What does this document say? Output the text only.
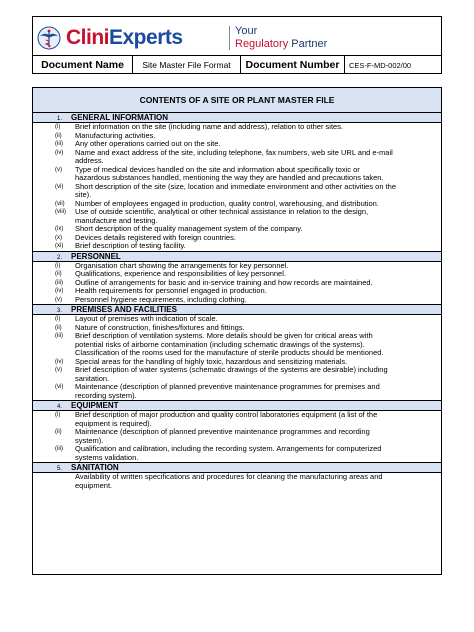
CliniExperts	Your
Regulatory Partner
Document Name	Site Master File Format	Document Number	CES-F-MD-002/00
CONTENTS OF A SITE OR PLANT MASTER FILE
1. GENERAL INFORMATION
(i) Brief information on the site (including name and address), relation to other sites.
(ii) Manufacturing activities.
(iii) Any other operations carried out on the site.
(iv) Name and exact address of the site, including telephone, fax numbers, web site URL and e-mail
address.
(v) Type of medical devices handled on the site and information about specifically toxic or
hazardous substances handled, mentioning the way they are handled and precautions taken.
(vi) Short description of the site (size, location and immediate environment and other activities on the
site).
(vii) Number of employees engaged in production, quality control, warehousing, and distribution.
(viii) Use of outside scientific, analytical or other technical assistance in relation to the design,
manufacture and testing.
(ix) Short description of the quality management system of the company.
(x) Devices details registered with foreign countries.
(xi) Brief description of testing facility.
2. PERSONNEL
(i) Organisation chart showing the arrangements for key personnel.
(ii) Qualifications, experience and responsibilities of key personnel.
(iii) Outline of arrangements for basic and in-service training and how records are maintained.
(iv) Health requirements for personnel engaged in production.
(v) Personnel hygiene requirements, including clothing.
3. PREMISES AND FACILITIES
(i) Layout of premises with indication of scale.
(ii) Nature of construction, finishes/fixtures and fittings.
(iii) Brief description of ventilation systems. More details should be given for critical areas with
potential risks of airborne contamination (including schematic drawings of the systems).
Classification of the rooms used for the manufacture of sterile products should be mentioned.
(iv) Special areas for the handling of highly toxic, hazardous and sensitizing materials.
(v) Brief description of water systems (schematic drawings of the systems are desirable) including
sanitation.
(vi) Maintenance (description of planned preventive maintenance programmes for premises and
recording system).
4. EQUIPMENT
(i) Brief description of major production and quality control laboratories equipment (a list of the
equipment is required).
(ii) Maintenance (description of planned preventive maintenance programmes and recording
system).
(iii) Qualification and calibration, including the recording system. Arrangements for computerized
systems validation.
5. SANITATION
Availability of written specifications and procedures for cleaning the manufacturing areas and
equipment.
